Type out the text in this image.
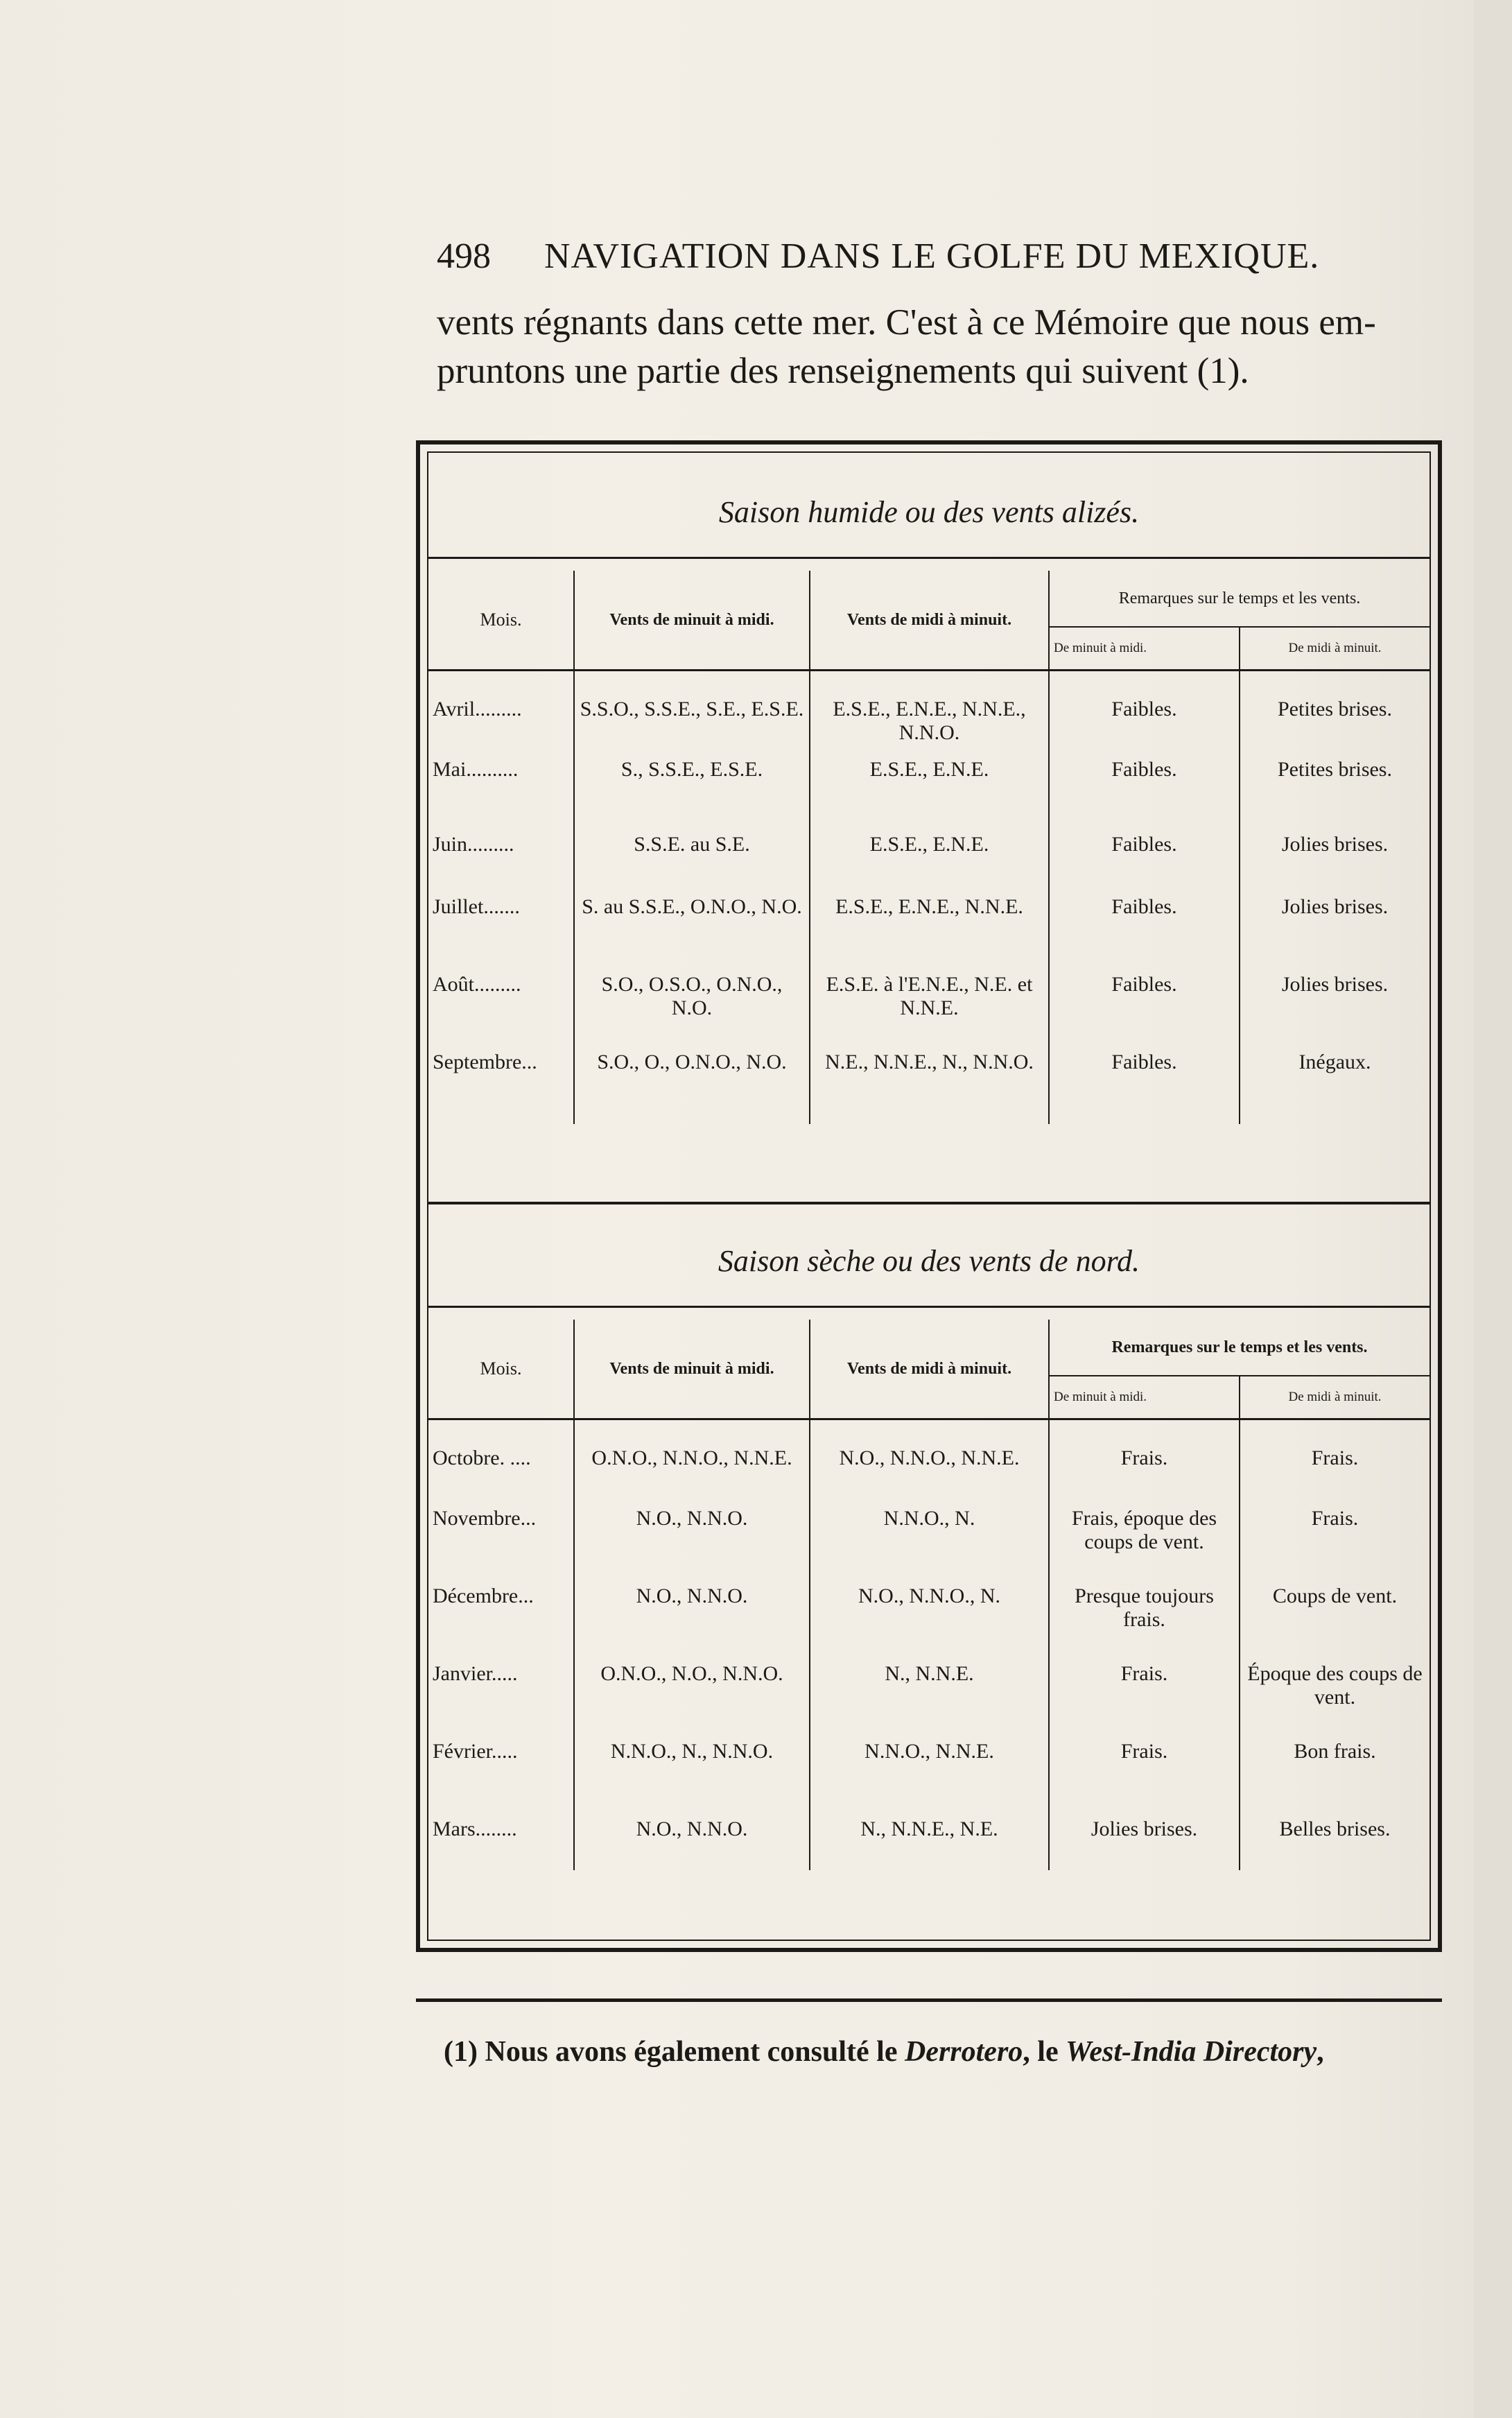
498 NAVIGATION DANS LE GOLFE DU MEXIQUE.

vents régnants dans cette mer. C'est à ce Mémoire que nous em-

pruntons une partie des renseignements qui suivent (1).

Saison humide ou des vents alizés.
Mois.	Vents de minuit à midi.	Vents de midi à minuit.	Remarques sur le temps et les vents.	
			De minuit à midi.	De midi à minuit.
Avril.........	S.S.O., S.S.E., S.E., E.S.E.	E.S.E., E.N.E., N.N.E., N.N.O.	Faibles.	Petites brises.
Mai..........	S., S.S.E., E.S.E.	E.S.E., E.N.E.	Faibles.	Petites brises.
Juin.........	S.S.E. au S.E.	E.S.E., E.N.E.	Faibles.	Jolies brises.
Juillet.......	S. au S.S.E., O.N.O., N.O.	E.S.E., E.N.E., N.N.E.	Faibles.	Jolies brises.
Août.........	S.O., O.S.O., O.N.O., N.O.	E.S.E. à l'E.N.E., N.E. et N.N.E.	Faibles.	Jolies brises.
Septembre...	S.O., O., O.N.O., N.O.	N.E., N.N.E., N., N.N.O.	Faibles.	Inégaux.
Saison sèche ou des vents de nord.
Mois.	Vents de minuit à midi.	Vents de midi à minuit.	Remarques sur le temps et les vents.	
			De minuit à midi.	De midi à minuit.
Octobre. ....	O.N.O., N.N.O., N.N.E.	N.O., N.N.O., N.N.E.	Frais.	Frais.
Novembre...	N.O., N.N.O.	N.N.O., N.	Frais, époque des coups de vent.	Frais.
Décembre...	N.O., N.N.O.	N.O., N.N.O., N.	Presque toujours frais.	Coups de vent.
Janvier.....	O.N.O., N.O., N.N.O.	N., N.N.E.	Frais.	Époque des coups de vent.
Février.....	N.N.O., N., N.N.O.	N.N.O., N.N.E.	Frais.	Bon frais.
Mars........	N.O., N.N.O.	N., N.N.E., N.E.	Jolies brises.	Belles brises.
(1) Nous avons également consulté le Derrotero, le West-India Directory,
